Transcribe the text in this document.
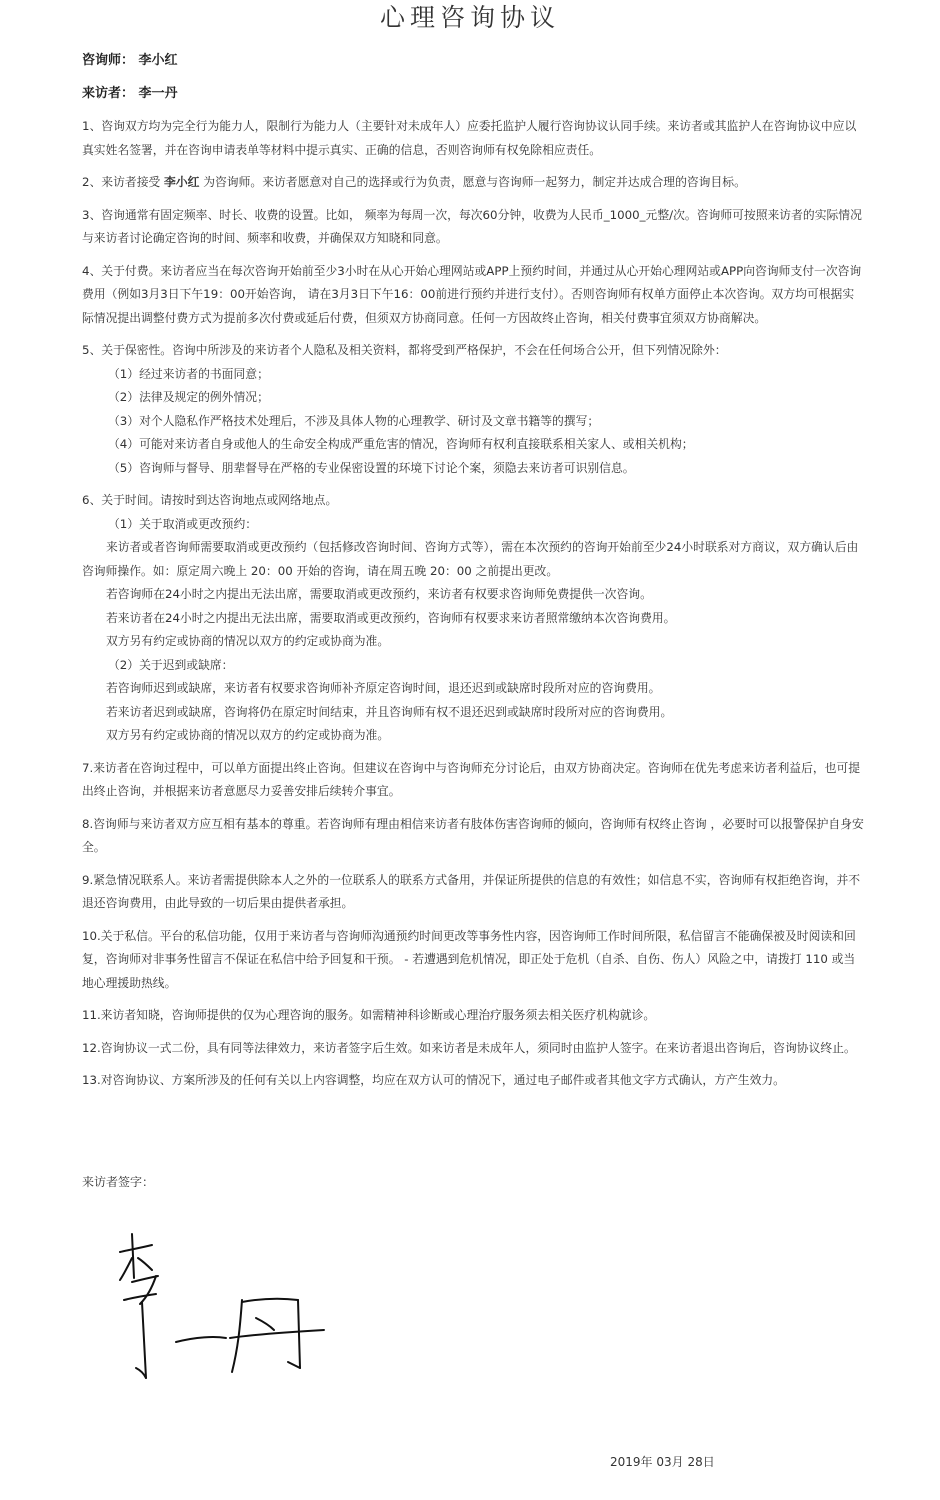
心理咨询协议
咨询师： 李小红
来访者： 李一丹

1、咨询双方均为完全行为能力人，限制行为能力人（主要针对未成年人）应委托监护人履行咨询协议认同手续。来访者或其监护人在咨询协议中应以真实姓名签署，并在咨询申请表单等材料中提示真实、正确的信息，否则咨询师有权免除相应责任。

2、来访者接受 李小红 为咨询师。来访者愿意对自己的选择或行为负责，愿意与咨询师一起努力，制定并达成合理的咨询目标。

3、咨询通常有固定频率、时长、收费的设置。比如， 频率为每周一次，每次60分钟，收费为人民币_1000_元整/次。咨询师可按照来访者的实际情况与来访者讨论确定咨询的时间、频率和收费，并确保双方知晓和同意。

4、关于付费。来访者应当在每次咨询开始前至少3小时在从心开始心理网站或APP上预约时间，并通过从心开始心理网站或APP向咨询师支付一次咨询费用（例如3月3日下午19：00开始咨询， 请在3月3日下午16：00前进行预约并进行支付）。否则咨询师有权单方面停止本次咨询。双方均可根据实际情况提出调整付费方式为提前多次付费或延后付费，但须双方协商同意。任何一方因故终止咨询，相关付费事宜须双方协商解决。

5、关于保密性。咨询中所涉及的来访者个人隐私及相关资料，都将受到严格保护，不会在任何场合公开，但下列情况除外：

（1）经过来访者的书面同意；

（2）法律及规定的例外情况；

（3）对个人隐私作严格技术处理后，不涉及具体人物的心理教学、研讨及文章书籍等的撰写；

（4）可能对来访者自身或他人的生命安全构成严重危害的情况，咨询师有权利直接联系相关家人、或相关机构；

（5）咨询师与督导、朋辈督导在严格的专业保密设置的环境下讨论个案，须隐去来访者可识别信息。

6、关于时间。请按时到达咨询地点或网络地点。

（1）关于取消或更改预约：

来访者或者咨询师需要取消或更改预约（包括修改咨询时间、咨询方式等），需在本次预约的咨询开始前至少24小时联系对方商议，双方确认后由咨询师操作。如：原定周六晚上 20：00 开始的咨询，请在周五晚 20：00 之前提出更改。

若咨询师在24小时之内提出无法出席，需要取消或更改预约，来访者有权要求咨询师免费提供一次咨询。

若来访者在24小时之内提出无法出席，需要取消或更改预约，咨询师有权要求来访者照常缴纳本次咨询费用。

双方另有约定或协商的情况以双方的约定或协商为准。

（2）关于迟到或缺席：

若咨询师迟到或缺席，来访者有权要求咨询师补齐原定咨询时间，退还迟到或缺席时段所对应的咨询费用。

若来访者迟到或缺席，咨询将仍在原定时间结束，并且咨询师有权不退还迟到或缺席时段所对应的咨询费用。

双方另有约定或协商的情况以双方的约定或协商为准。

7.来访者在咨询过程中，可以单方面提出终止咨询。但建议在咨询中与咨询师充分讨论后，由双方协商决定。咨询师在优先考虑来访者利益后，也可提出终止咨询，并根据来访者意愿尽力妥善安排后续转介事宜。

8.咨询师与来访者双方应互相有基本的尊重。若咨询师有理由相信来访者有肢体伤害咨询师的倾向，咨询师有权终止咨询 ，必要时可以报警保护自身安全。

9.紧急情况联系人。来访者需提供除本人之外的一位联系人的联系方式备用，并保证所提供的信息的有效性；如信息不实，咨询师有权拒绝咨询，并不退还咨询费用，由此导致的一切后果由提供者承担。

10.关于私信。平台的私信功能，仅用于来访者与咨询师沟通预约时间更改等事务性内容，因咨询师工作时间所限，私信留言不能确保被及时阅读和回复，咨询师对非事务性留言不保证在私信中给予回复和干预。 - 若遭遇到危机情况，即正处于危机（自杀、自伤、伤人）风险之中，请拨打 110 或当地心理援助热线。

11.来访者知晓，咨询师提供的仅为心理咨询的服务。如需精神科诊断或心理治疗服务须去相关医疗机构就诊。

12.咨询协议一式二份，具有同等法律效力，来访者签字后生效。如来访者是未成年人，须同时由监护人签字。在来访者退出咨询后，咨询协议终止。

13.对咨询协议、方案所涉及的任何有关以上内容调整，均应在双方认可的情况下，通过电子邮件或者其他文字方式确认，方产生效力。

来访者签字：
2019年 03月 28日
